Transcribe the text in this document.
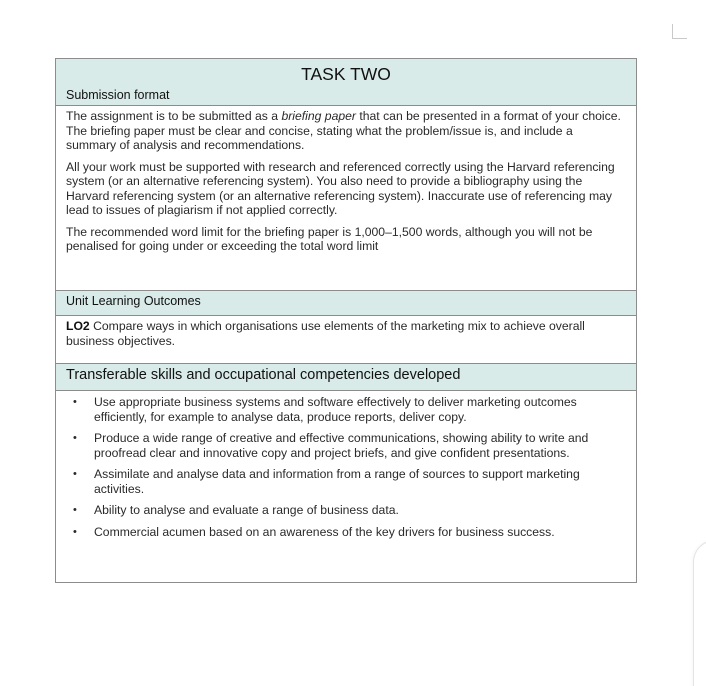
TASK TWO
Submission format

The assignment is to be submitted as a briefing paper that can be presented in a format of your choice. The briefing paper must be clear and concise, stating what the problem/issue is, and include a summary of analysis and recommendations.

All your work must be supported with research and referenced correctly using the Harvard referencing system (or an alternative referencing system). You also need to provide a bibliography using the Harvard referencing system (or an alternative referencing system). Inaccurate use of referencing may lead to issues of plagiarism if not applied correctly.

The recommended word limit for the briefing paper is 1,000–1,500 words, although you will not be penalised for going under or exceeding the total word limit

Unit Learning Outcomes
LO2 Compare ways in which organisations use elements of the marketing mix to achieve overall business objectives.
Transferable skills and occupational competencies developed
• Use appropriate business systems and software effectively to deliver marketing outcomes efficiently, for example to analyse data, produce reports, deliver copy.
• Produce a wide range of creative and effective communications, showing ability to write and proofread clear and innovative copy and project briefs, and give confident presentations.
• Assimilate and analyse data and information from a range of sources to support marketing activities.
• Ability to analyse and evaluate a range of business data.
• Commercial acumen based on an awareness of the key drivers for business success.
